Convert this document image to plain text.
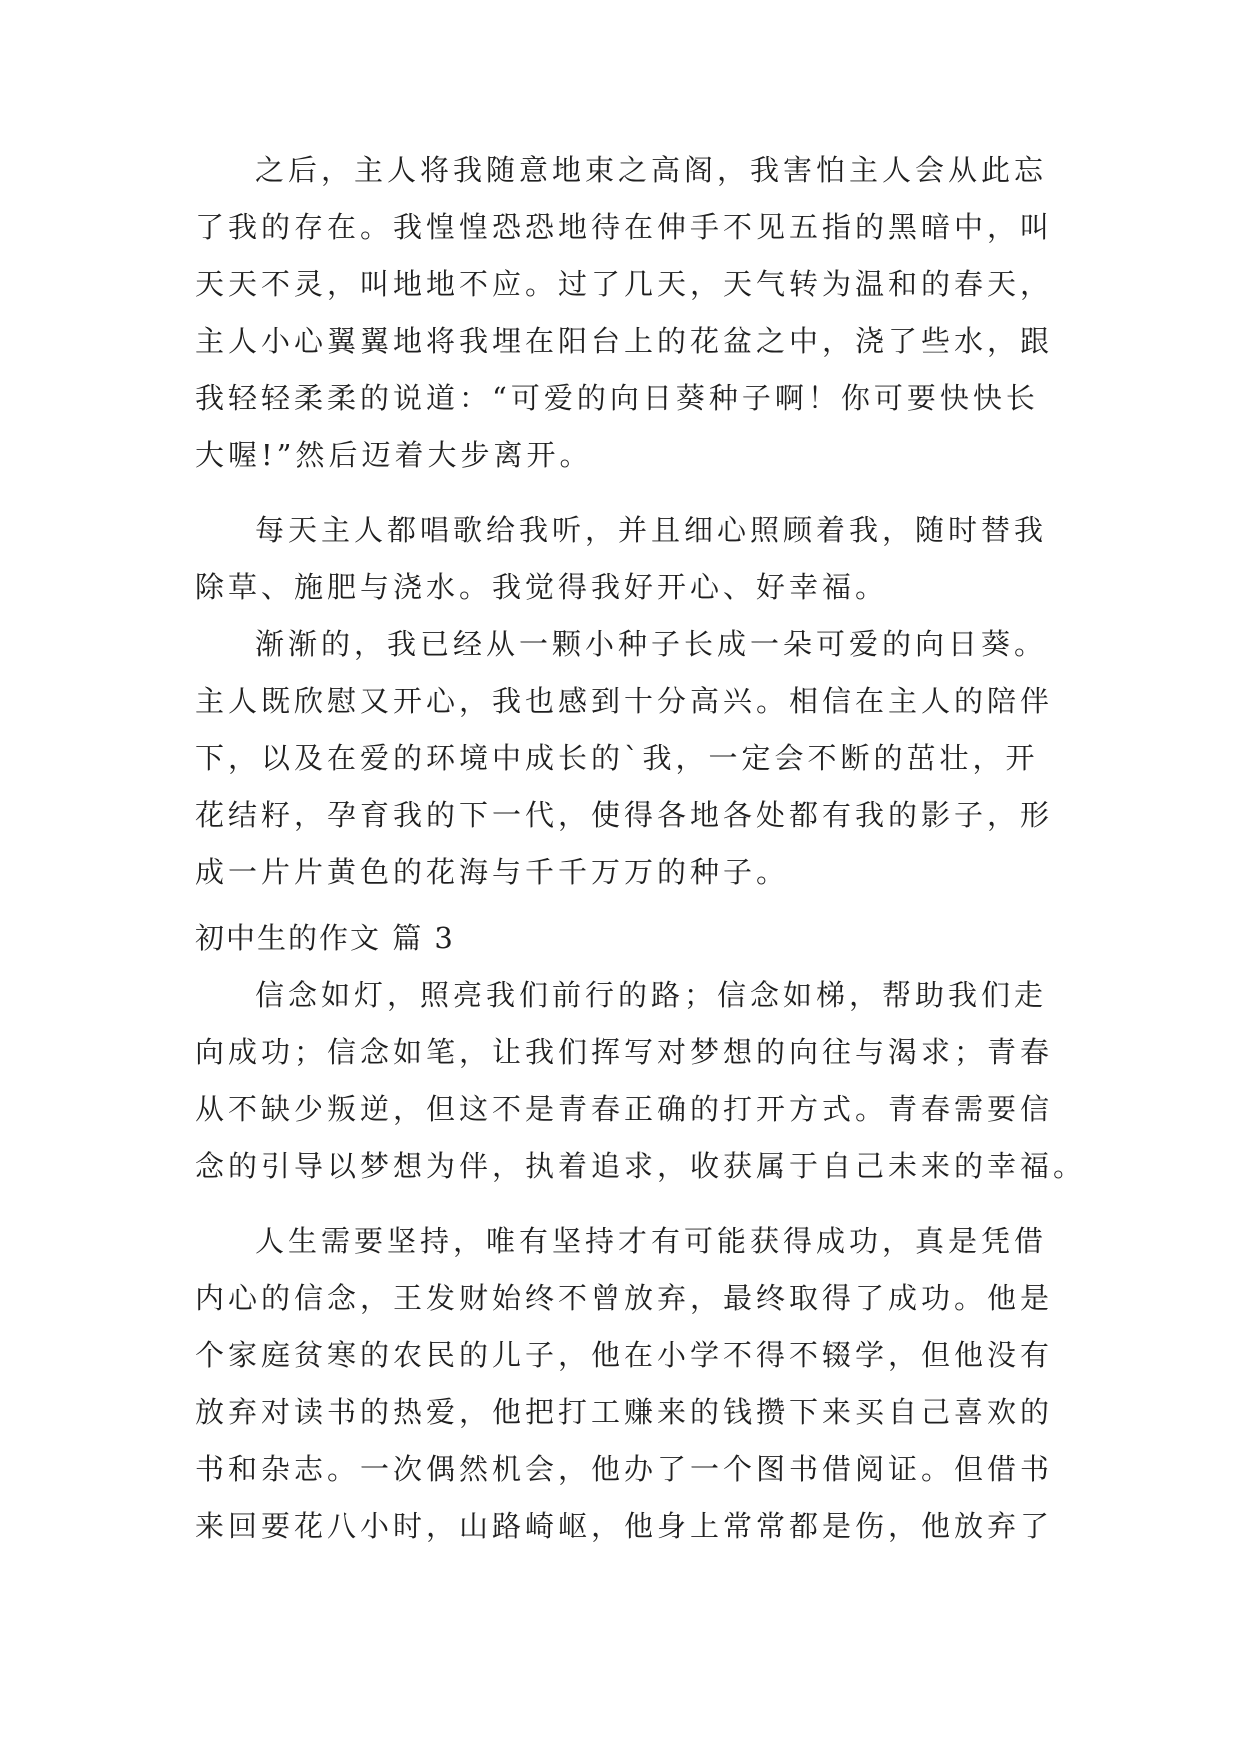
之后，主人将我随意地束之高阁，我害怕主人会从此忘

了我的存在。我惶惶恐恐地待在伸手不见五指的黑暗中，叫

天天不灵，叫地地不应。过了几天，天气转为温和的春天，

主人小心翼翼地将我埋在阳台上的花盆之中，浇了些水，跟

我轻轻柔柔的说道：“可爱的向日葵种子啊！你可要快快长

大喔!”然后迈着大步离开。

每天主人都唱歌给我听，并且细心照顾着我，随时替我

除草、施肥与浇水。我觉得我好开心、好幸福。

渐渐的，我已经从一颗小种子长成一朵可爱的向日葵。

主人既欣慰又开心，我也感到十分高兴。相信在主人的陪伴

下，以及在爱的环境中成长的`我，一定会不断的茁壮，开

花结籽，孕育我的下一代，使得各地各处都有我的影子，形

成一片片黄色的花海与千千万万的种子。

初中生的作文 篇 3

信念如灯，照亮我们前行的路；信念如梯，帮助我们走

向成功；信念如笔，让我们挥写对梦想的向往与渴求；青春

从不缺少叛逆，但这不是青春正确的打开方式。青春需要信

念的引导以梦想为伴，执着追求，收获属于自己未来的幸福。

人生需要坚持，唯有坚持才有可能获得成功，真是凭借

内心的信念，王发财始终不曾放弃，最终取得了成功。他是

个家庭贫寒的农民的儿子，他在小学不得不辍学，但他没有

放弃对读书的热爱，他把打工赚来的钱攒下来买自己喜欢的

书和杂志。一次偶然机会，他办了一个图书借阅证。但借书

来回要花八小时，山路崎岖，他身上常常都是伤，他放弃了
